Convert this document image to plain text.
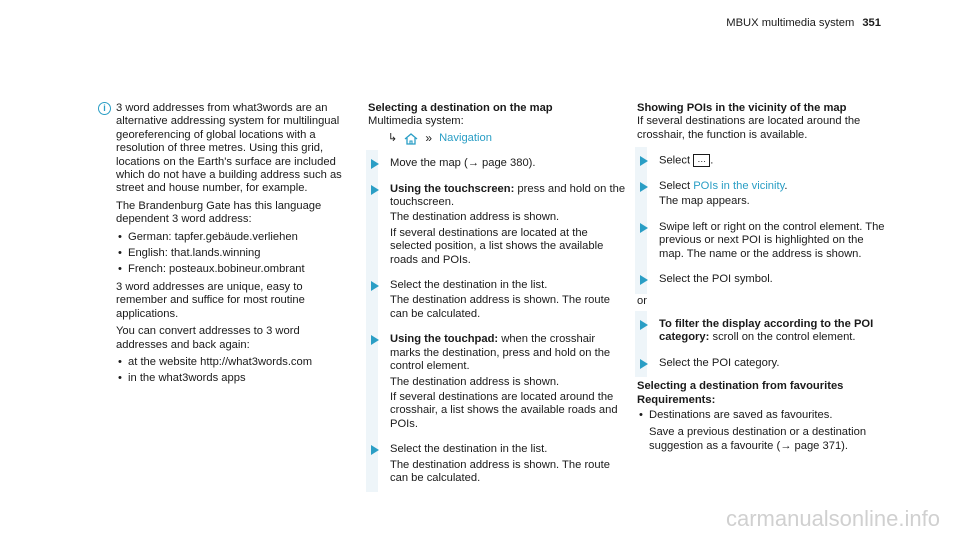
MBUX multimedia system 351
i 3 word addresses from what3words are an alternative addressing system for multilingual georeferencing of global locations with a resolution of three metres. Using this grid, locations on the Earth's surface are included which do not have a building address such as street and house number, for example.

The Brandenburg Gate has this language dependent 3 word address:

• German: tapfer.gebäude.verliehen
• English: that.lands.winning
• French: posteaux.bobineur.ombrant

3 word addresses are unique, easy to remember and suffice for most routine applications.

You can convert addresses to 3 word addresses and back again:

• at the website http://what3words.com
• in the what3words apps

Selecting a destination on the map

Multimedia system:

↳ » Navigation

Move the map (→ page 380).

Using the touchscreen: press and hold on the touchscreen.

The destination address is shown.

If several destinations are located at the selected position, a list shows the available roads and POIs.

Select the destination in the list.

The destination address is shown. The route can be calculated.

Using the touchpad: when the crosshair marks the destination, press and hold on the control element.

The destination address is shown.

If several destinations are located around the crosshair, a list shows the available roads and POIs.

Select the destination in the list.

The destination address is shown. The route can be calculated.

Showing POIs in the vicinity of the map

If several destinations are located around the crosshair, the function is available.

Select … .

Select POIs in the vicinity.

The map appears.

Swipe left or right on the control element. The previous or next POI is highlighted on the map. The name or the address is shown.

Select the POI symbol.

or

To filter the display according to the POI category: scroll on the control element.

Select the POI category.

Selecting a destination from favourites

Requirements:

• Destinations are saved as favourites.

Save a previous destination or a destination suggestion as a favourite (→ page 371).

carmanualsonline.info
